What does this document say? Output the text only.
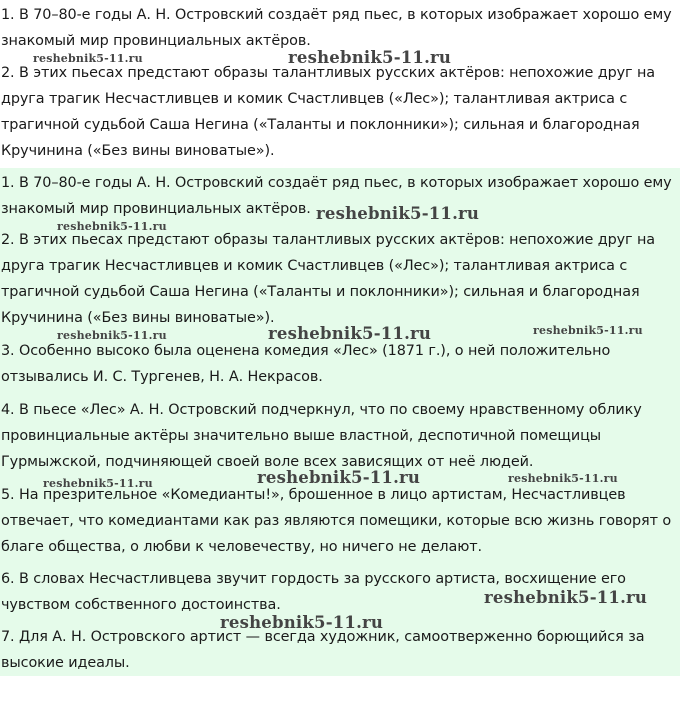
1. В 70–80-е годы А. Н. Островский создаёт ряд пьес, в которых изображает хорошо ему знакомый мир провинциальных актёров.

2. В этих пьесах предстают образы талантливых русских актёров: непохожие друг на друга трагик Несчастливцев и комик Счастливцев («Лес»); талантливая актриса с трагичной судьбой Саша Негина («Таланты и поклонники»); сильная и благородная Кручинина («Без вины виноватые»).

1. В 70–80-е годы А. Н. Островский создаёт ряд пьес, в которых изображает хорошо ему знакомый мир провинциальных актёров.

2. В этих пьесах предстают образы талантливых русских актёров: непохожие друг на друга трагик Несчастливцев и комик Счастливцев («Лес»); талантливая актриса с трагичной судьбой Саша Негина («Таланты и поклонники»); сильная и благородная Кручинина («Без вины виноватые»).

3. Особенно высоко была оценена комедия «Лес» (1871 г.), о ней положительно отзывались И. С. Тургенев, Н. А. Некрасов.

4. В пьесе «Лес» А. Н. Островский подчеркнул, что по своему нравственному облику провинциальные актёры значительно выше властной, деспотичной помещицы Гурмыжской, подчиняющей своей воле всех зависящих от неё людей.

5. На презрительное «Комедианты!», брошенное в лицо артистам, Несчастливцев отвечает, что комедиантами как раз являются помещики, которые всю жизнь говорят о благе общества, о любви к человечеству, но ничего не делают.

6. В словах Несчастливцева звучит гордость за русского артиста, восхищение его чувством собственного достоинства.

7. Для А. Н. Островского артист — всегда художник, самоотверженно борющийся за высокие идеалы.

reshebnik5-11.ru	reshebnik5-11.ru
reshebnik5-11.ru
reshebnik5-11.ru
reshebnik5-11.ru	reshebnik5-11.ru	reshebnik5-11.ru
reshebnik5-11.ru	reshebnik5-11.ru
reshebnik5-11.ru
reshebnik5-11.ru
reshebnik5-11.ru
